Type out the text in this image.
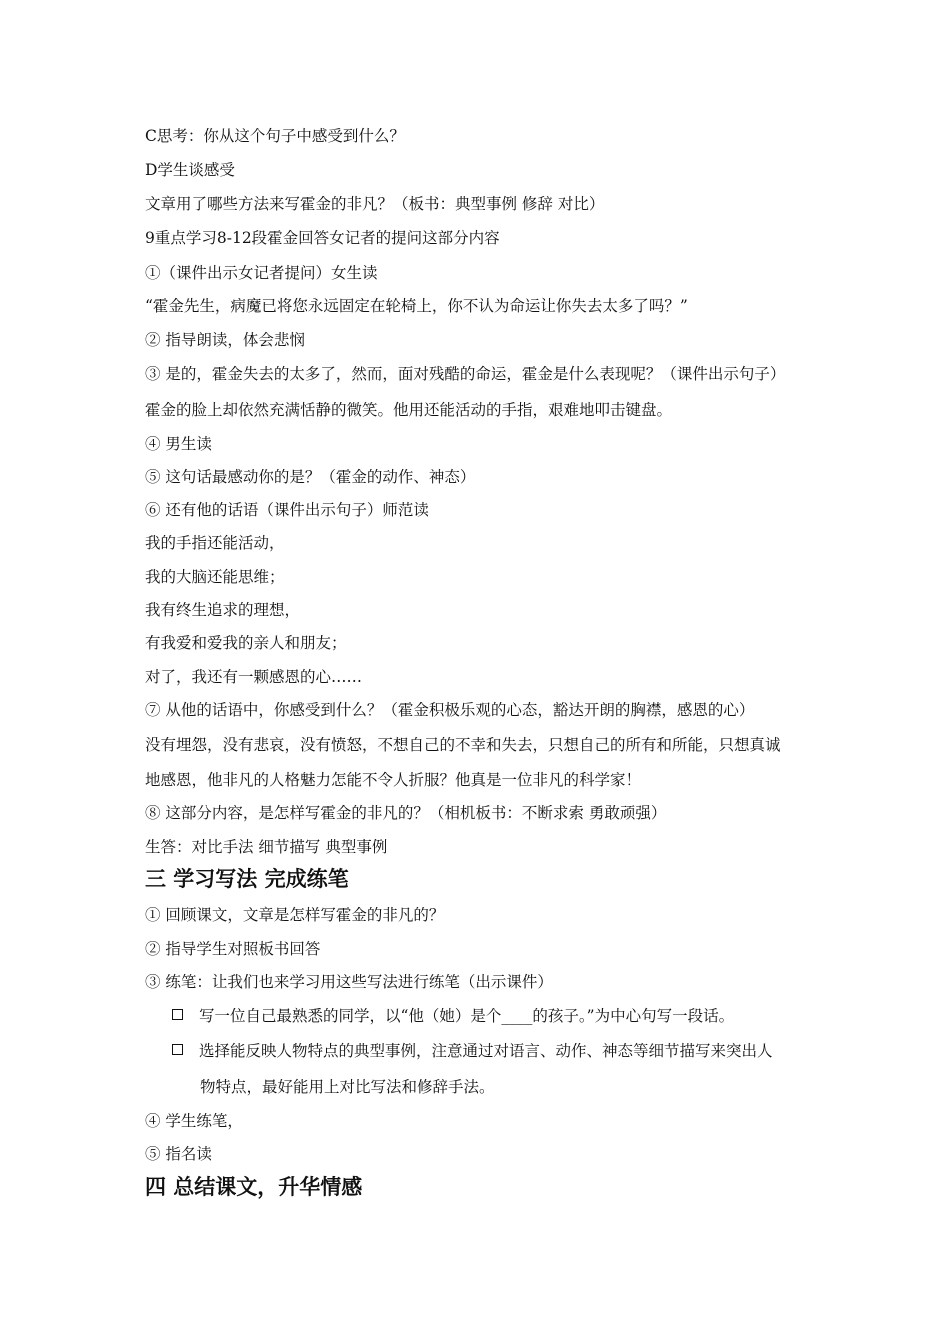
C思考：你从这个句子中感受到什么？
D学生谈感受
文章用了哪些方法来写霍金的非凡？（板书：典型事例 修辞 对比）
9重点学习8-12段霍金回答女记者的提问这部分内容
①（课件出示女记者提问）女生读
“霍金先生，病魔已将您永远固定在轮椅上，你不认为命运让你失去太多了吗？”
② 指导朗读，体会悲悯
③ 是的，霍金失去的太多了，然而，面对残酷的命运，霍金是什么表现呢？（课件出示句子）
霍金的脸上却依然充满恬静的微笑。他用还能活动的手指，艰难地叩击键盘。
④ 男生读
⑤ 这句话最感动你的是？（霍金的动作、神态）
⑥ 还有他的话语（课件出示句子）师范读
我的手指还能活动，
我的大脑还能思维；
我有终生追求的理想，
有我爱和爱我的亲人和朋友；
对了，我还有一颗感恩的心……
⑦ 从他的话语中，你感受到什么？（霍金积极乐观的心态，豁达开朗的胸襟，感恩的心）
没有埋怨，没有悲哀，没有愤怒，不想自己的不幸和失去，只想自己的所有和所能，只想真诚
地感恩，他非凡的人格魅力怎能不令人折服？他真是一位非凡的科学家！
⑧ 这部分内容，是怎样写霍金的非凡的？（相机板书：不断求索 勇敢顽强）
生答：对比手法 细节描写 典型事例
三 学习写法 完成练笔
① 回顾课文，文章是怎样写霍金的非凡的？
② 指导学生对照板书回答
③ 练笔：让我们也来学习用这些写法进行练笔（出示课件）
写一位自己最熟悉的同学，以“他（她）是个____的孩子。”为中心句写一段话。
选择能反映人物特点的典型事例，注意通过对语言、动作、神态等细节描写来突出人
物特点，最好能用上对比写法和修辞手法。
④ 学生练笔，
⑤ 指名读
四 总结课文，升华情感
